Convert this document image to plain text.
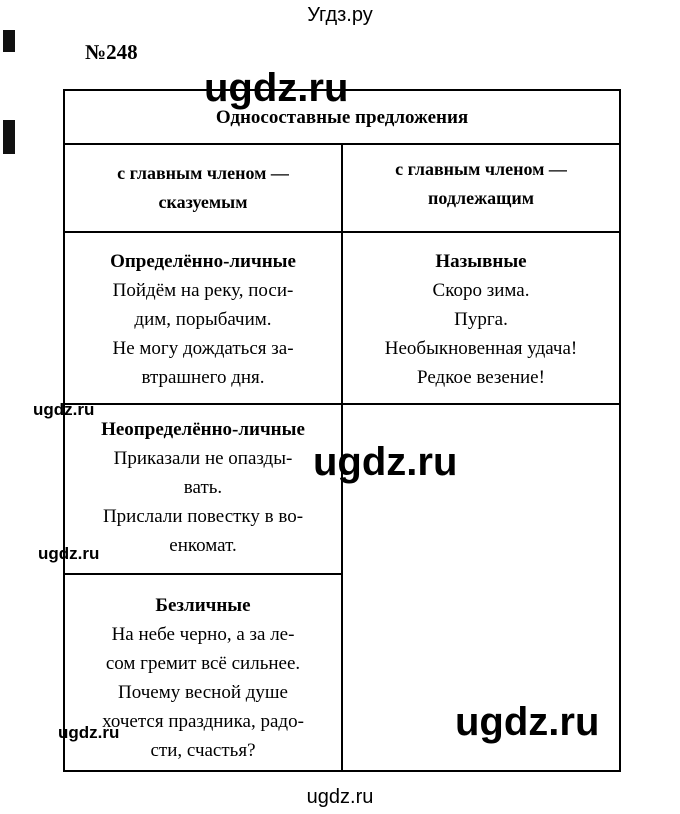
Угдз.ру
№248
Односоставные предложения
с главным членом —
сказуемым
с главным членом —
подлежащим
Определённо-личные

Пойдём на реку, поси-

дим, порыбачим.

Не могу дождаться за-

втрашнего дня.

Неопределённо-личные

Приказали не опазды-

вать.

Прислали повестку в во-

енкомат.

Безличные

На небе черно, а за ле-

сом гремит всё сильнее.

Почему весной душе

хочется праздника, радо-

сти, счастья?

Назывные

Скоро зима.

Пурга.

Необыкновенная удача!

Редкое везение!

ugdz.ru
ugdz.ru
ugdz.ru
ugdz.ru
ugdz.ru
ugdz.ru
ugdz.ru
